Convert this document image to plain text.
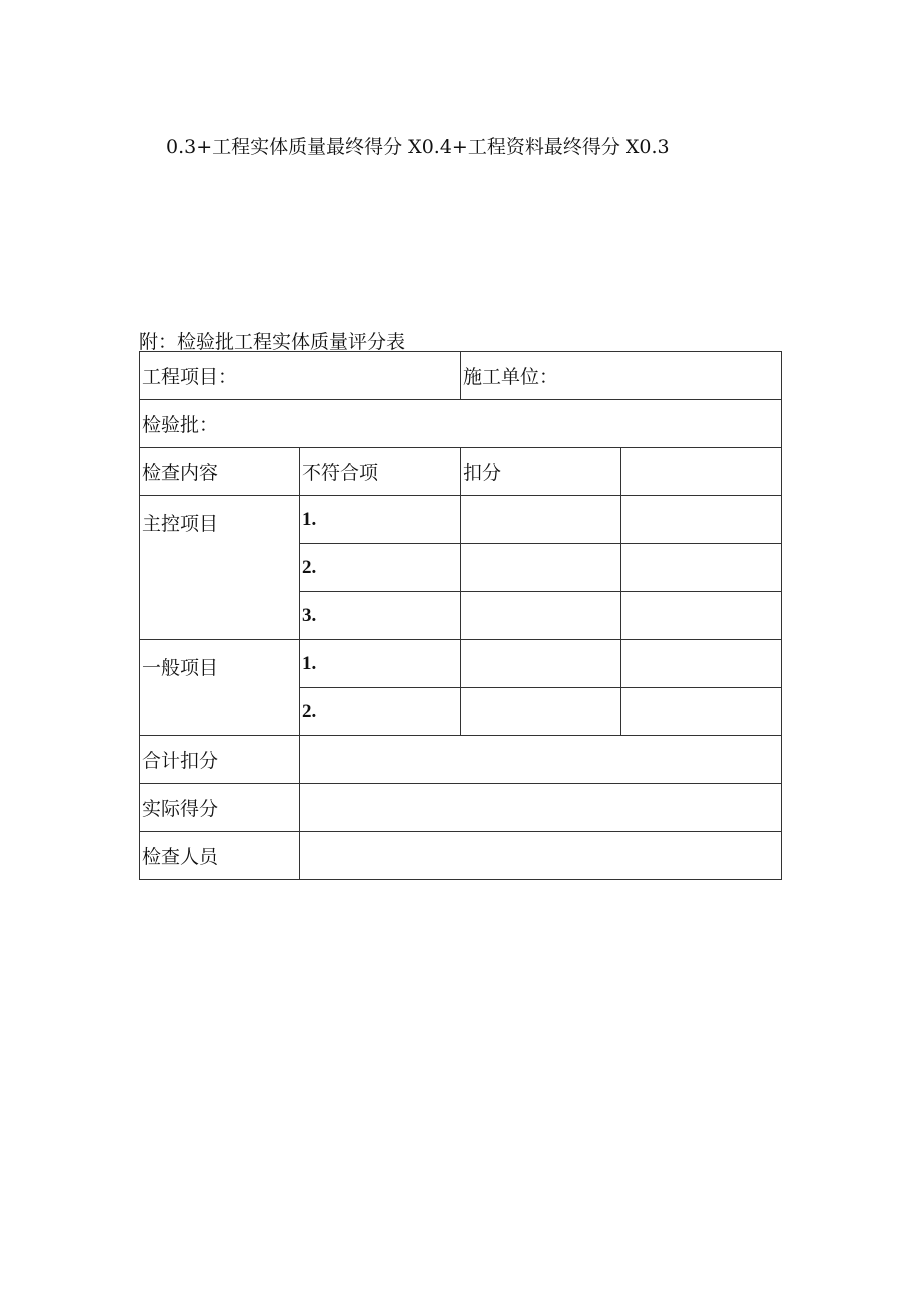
0.3+工程实体质量最终得分 X0.4+工程资料最终得分 X0.3
附：检验批工程实体质量评分表
工程项目：		施工单位：	
检验批：			
检查内容	不符合项	扣分	
主控项目	1.		
	2.		
	3.		
一般项目	1.		
	2.		
合计扣分			
实际得分			
检查人员			
